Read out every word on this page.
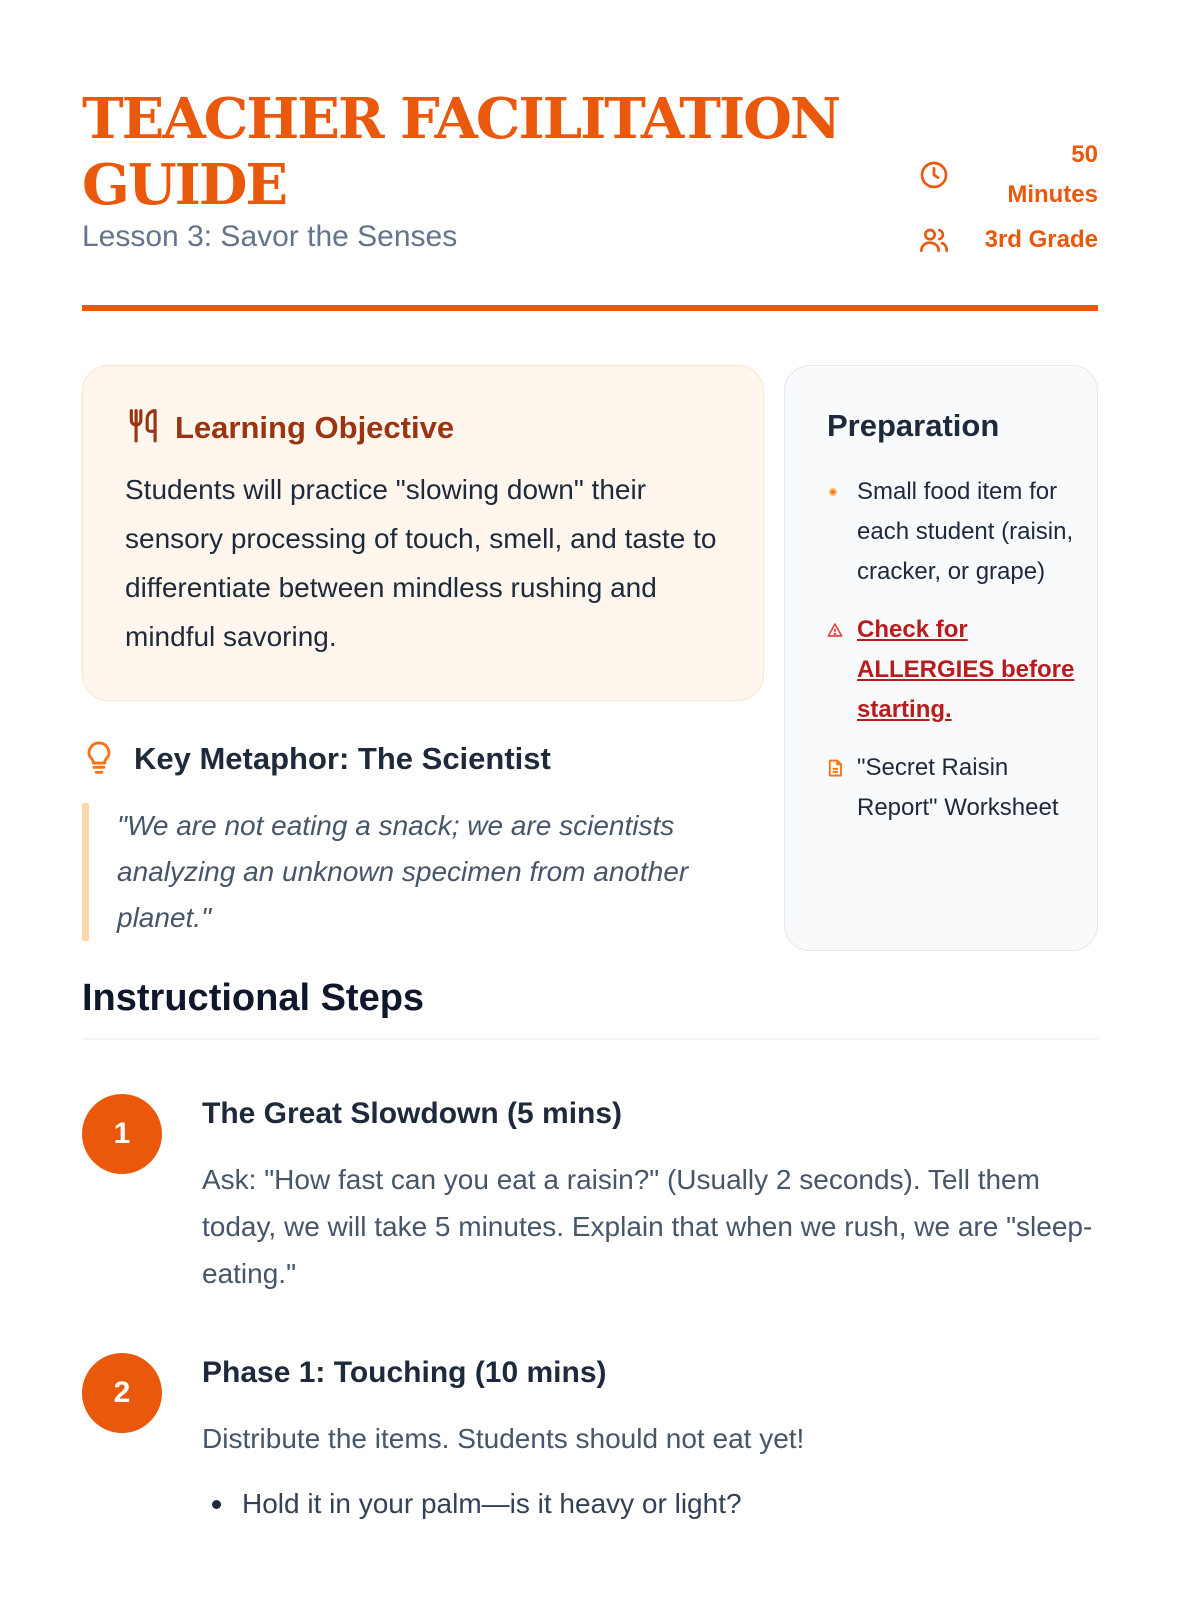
TEACHER FACILITATION GUIDE
Lesson 3: Savor the Senses
50 Minutes
3rd Grade
Learning Objective

Students will practice "slowing down" their sensory processing of touch, smell, and taste to differentiate between mindless rushing and mindful savoring.

Key Metaphor: The Scientist
"We are not eating a snack; we are scientists analyzing an unknown specimen from another planet."
Preparation
Small food item for each student (raisin, cracker, or grape)
Check for ALLERGIES before starting.
"Secret Raisin Report" Worksheet
Instructional Steps
1
The Great Slowdown (5 mins)

Ask: "How fast can you eat a raisin?" (Usually 2 seconds). Tell them today, we will take 5 minutes. Explain that when we rush, we are "sleep-eating."

2
Phase 1: Touching (10 mins)

Distribute the items. Students should not eat yet!

Hold it in your palm—is it heavy or light?
